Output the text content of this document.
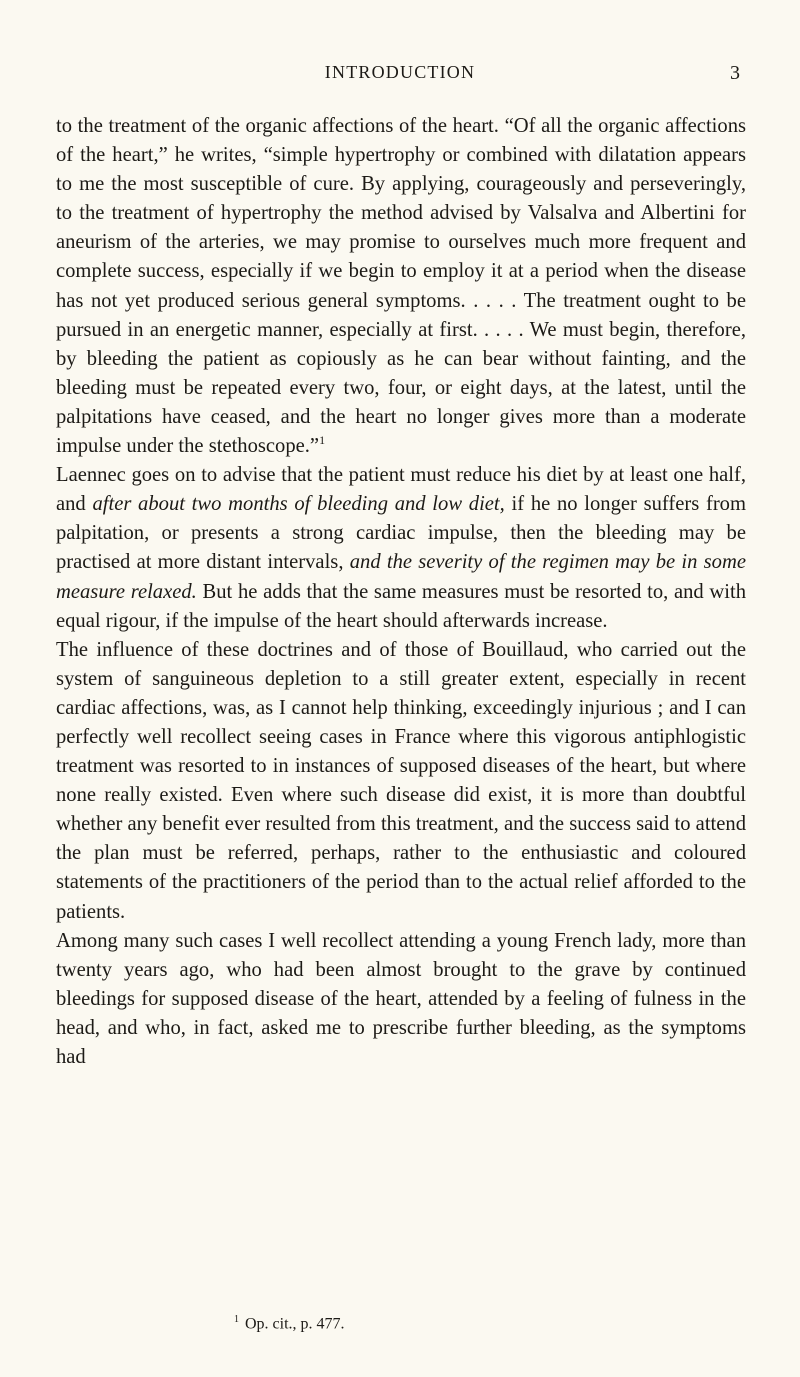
INTRODUCTION	3

to the treatment of the organic affections of the heart. “Of all the organic affections of the heart,” he writes, “simple hypertrophy or combined with dilatation appears to me the most susceptible of cure. By applying, courageously and perseveringly, to the treatment of hypertrophy the method advised by Valsalva and Albertini for aneurism of the arteries, we may promise to ourselves much more frequent and complete success, especially if we begin to employ it at a period when the disease has not yet produced serious general symptoms. . . . . The treatment ought to be pursued in an energetic manner, especially at first. . . . . We must begin, therefore, by bleeding the patient as copiously as he can bear without fainting, and the bleeding must be repeated every two, four, or eight days, at the latest, until the palpitations have ceased, and the heart no longer gives more than a moderate impulse under the stethoscope.”$^1$

Laennec goes on to advise that the patient must reduce his diet by at least one half, and after about two months of bleeding and low diet, if he no longer suffers from palpitation, or presents a strong cardiac impulse, then the bleeding may be practised at more distant intervals, and the severity of the regimen may be in some measure relaxed. But he adds that the same measures must be resorted to, and with equal rigour, if the impulse of the heart should afterwards increase.

The influence of these doctrines and of those of Bouillaud, who carried out the system of sanguineous depletion to a still greater extent, especially in recent cardiac affections, was, as I cannot help thinking, exceedingly injurious ; and I can perfectly well recollect seeing cases in France where this vigorous antiphlogistic treatment was resorted to in instances of supposed diseases of the heart, but where none really existed. Even where such disease did exist, it is more than doubtful whether any benefit ever resulted from this treatment, and the success said to attend the plan must be referred, perhaps, rather to the enthusiastic and coloured statements of the practitioners of the period than to the actual relief afforded to the patients.

Among many such cases I well recollect attending a young French lady, more than twenty years ago, who had been almost brought to the grave by continued bleedings for supposed disease of the heart, attended by a feeling of fulness in the head, and who, in fact, asked me to prescribe further bleeding, as the symptoms had

$^1$ Op. cit., p. 477.
